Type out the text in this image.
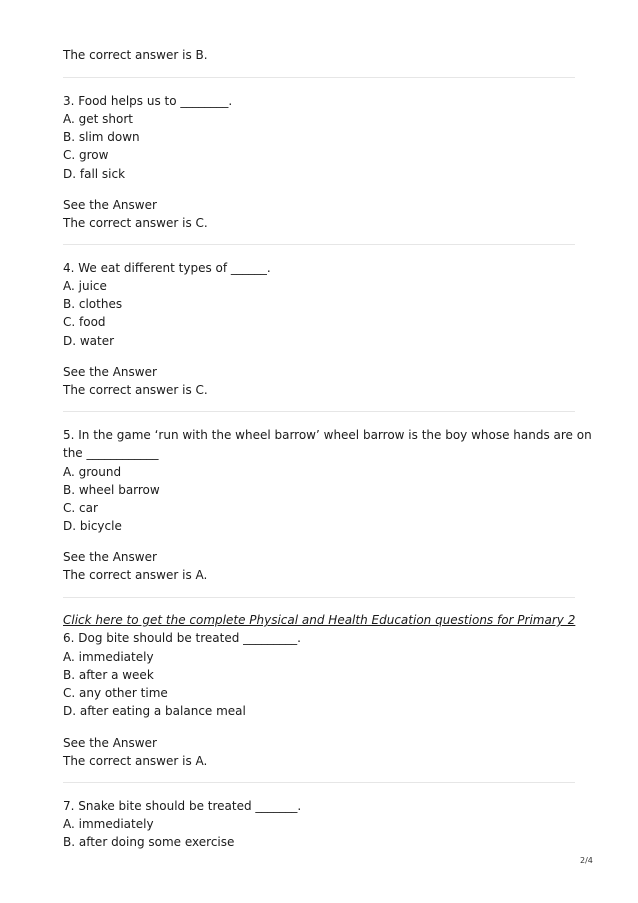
The correct answer is B.
3. Food helps us to ________.
A. get short
B. slim down
C. grow
D. fall sick
See the Answer
The correct answer is C.
4. We eat different types of ______.
A. juice
B. clothes
C. food
D. water
See the Answer
The correct answer is C.
5. In the game ‘run with the wheel barrow’ wheel barrow is the boy whose hands are on
the ____________
A. ground
B. wheel barrow
C. car
D. bicycle
See the Answer
The correct answer is A.
Click here to get the complete Physical and Health Education questions for Primary 2
6. Dog bite should be treated _________.
A. immediately
B. after a week
C. any other time
D. after eating a balance meal
See the Answer
The correct answer is A.
7. Snake bite should be treated _______.
A. immediately
B. after doing some exercise
2/4
